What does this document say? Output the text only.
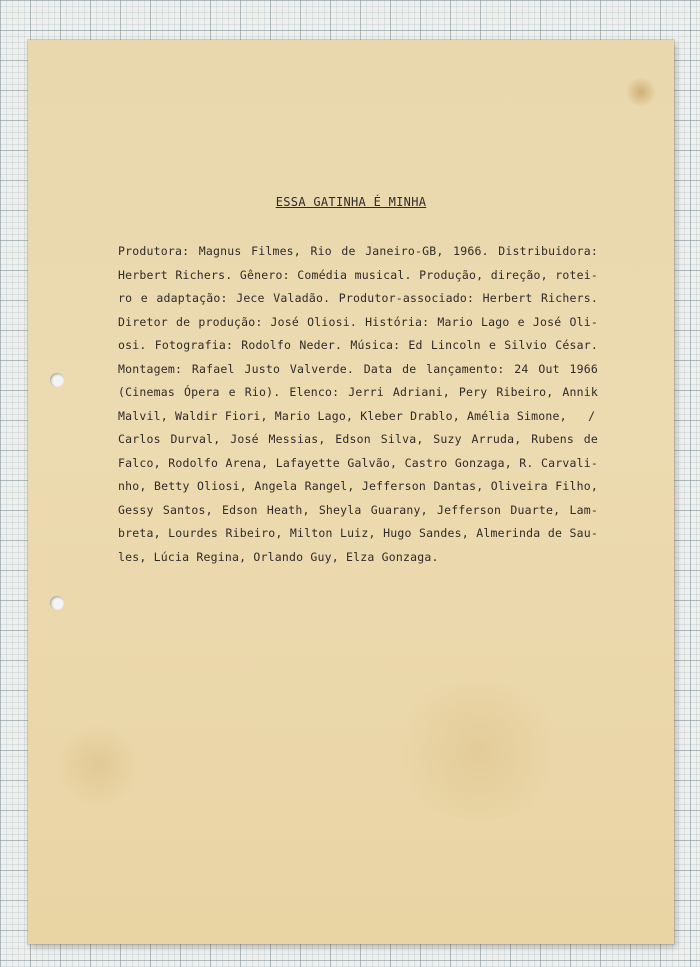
ESSA GATINHA É MINHA
Produtora: Magnus Filmes, Rio de Janeiro-GB, 1966. Distribuidora:
Herbert Richers. Gênero: Comédia musical. Produção, direção, rotei-
ro e adaptação: Jece Valadão. Produtor-associado: Herbert Richers.
Diretor de produção: José Oliosi. História: Mario Lago e José Oli-
osi. Fotografia: Rodolfo Neder. Música: Ed Lincoln e Silvio César.
Montagem: Rafael Justo Valverde. Data de lançamento: 24 Out 1966
(Cinemas Ópera e Rio). Elenco: Jerri Adriani, Pery Ribeiro, Annik
Malvil, Waldir Fiori, Mario Lago, Kleber Drablo, Amélia Simone,   /
Carlos Durval, José Messias, Edson Silva, Suzy Arruda, Rubens de
Falco, Rodolfo Arena, Lafayette Galvão, Castro Gonzaga, R. Carvali-
nho, Betty Oliosi, Angela Rangel, Jefferson Dantas, Oliveira Filho,
Gessy Santos, Edson Heath, Sheyla Guarany, Jefferson Duarte, Lam-
breta, Lourdes Ribeiro, Milton Luiz, Hugo Sandes, Almerinda de Sau-
les, Lúcia Regina, Orlando Guy, Elza Gonzaga.
